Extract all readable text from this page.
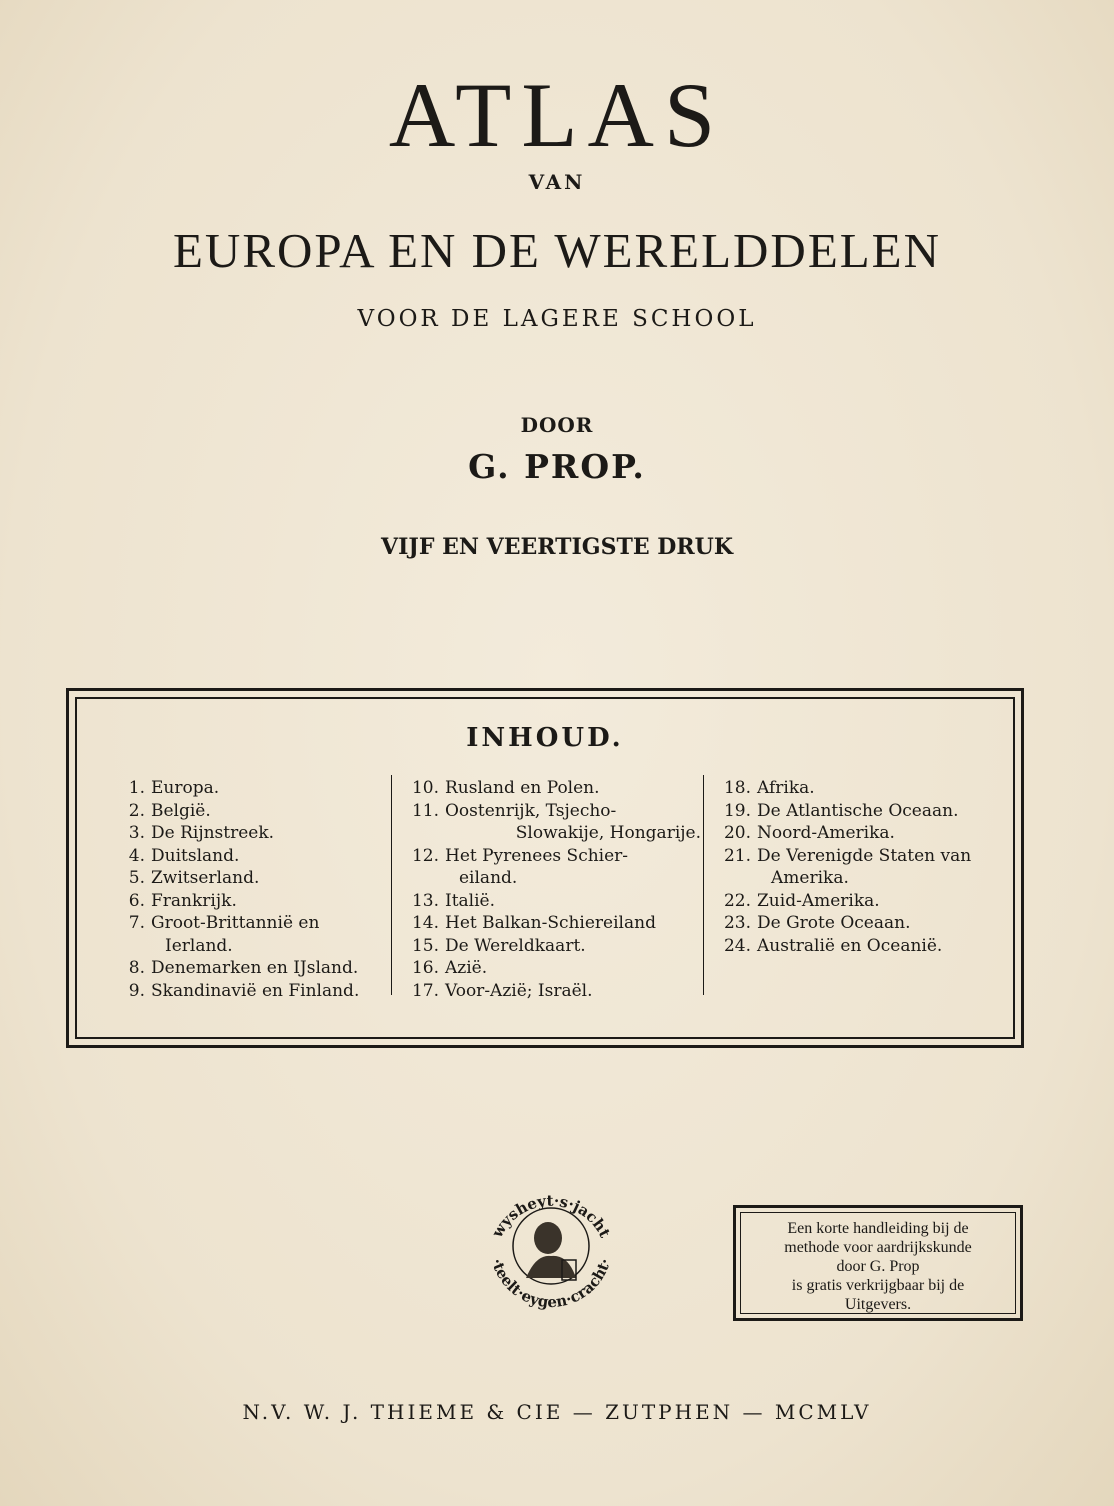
ATLAS
VAN
EUROPA EN DE WERELDDELEN
VOOR DE LAGERE SCHOOL
DOOR
G. PROP.
VIJF EN VEERTIGSTE DRUK
INHOUD.
1. Europa.
2. België.
3. De Rijnstreek.
4. Duitsland.
5. Zwitserland.
6. Frankrijk.
7. Groot-Brittannië en
Ierland.
8. Denemarken en IJsland.
9. Skandinavië en Finland.
10. Rusland en Polen.
11. Oostenrijk, Tsjecho-
Slowakije, Hongarije.
12. Het Pyrenees Schier-
eiland.
13. Italië.
14. Het Balkan-Schiereiland
15. De Wereldkaart.
16. Azië.
17. Voor-Azië; Israël.
18. Afrika.
19. De Atlantische Oceaan.
20. Noord-Amerika.
21. De Verenigde Staten van
Amerika.
22. Zuid-Amerika.
23. De Grote Oceaan.
24. Australië en Oceanië.
wysheyt·s·jacht
·teelt·eygen·cracht·
Een korte handleiding bij de
methode voor aardrijkskunde
door G. Prop
is gratis verkrijgbaar bij de
Uitgevers.
N.V. W. J. THIEME & CIE — ZUTPHEN — MCMLV
